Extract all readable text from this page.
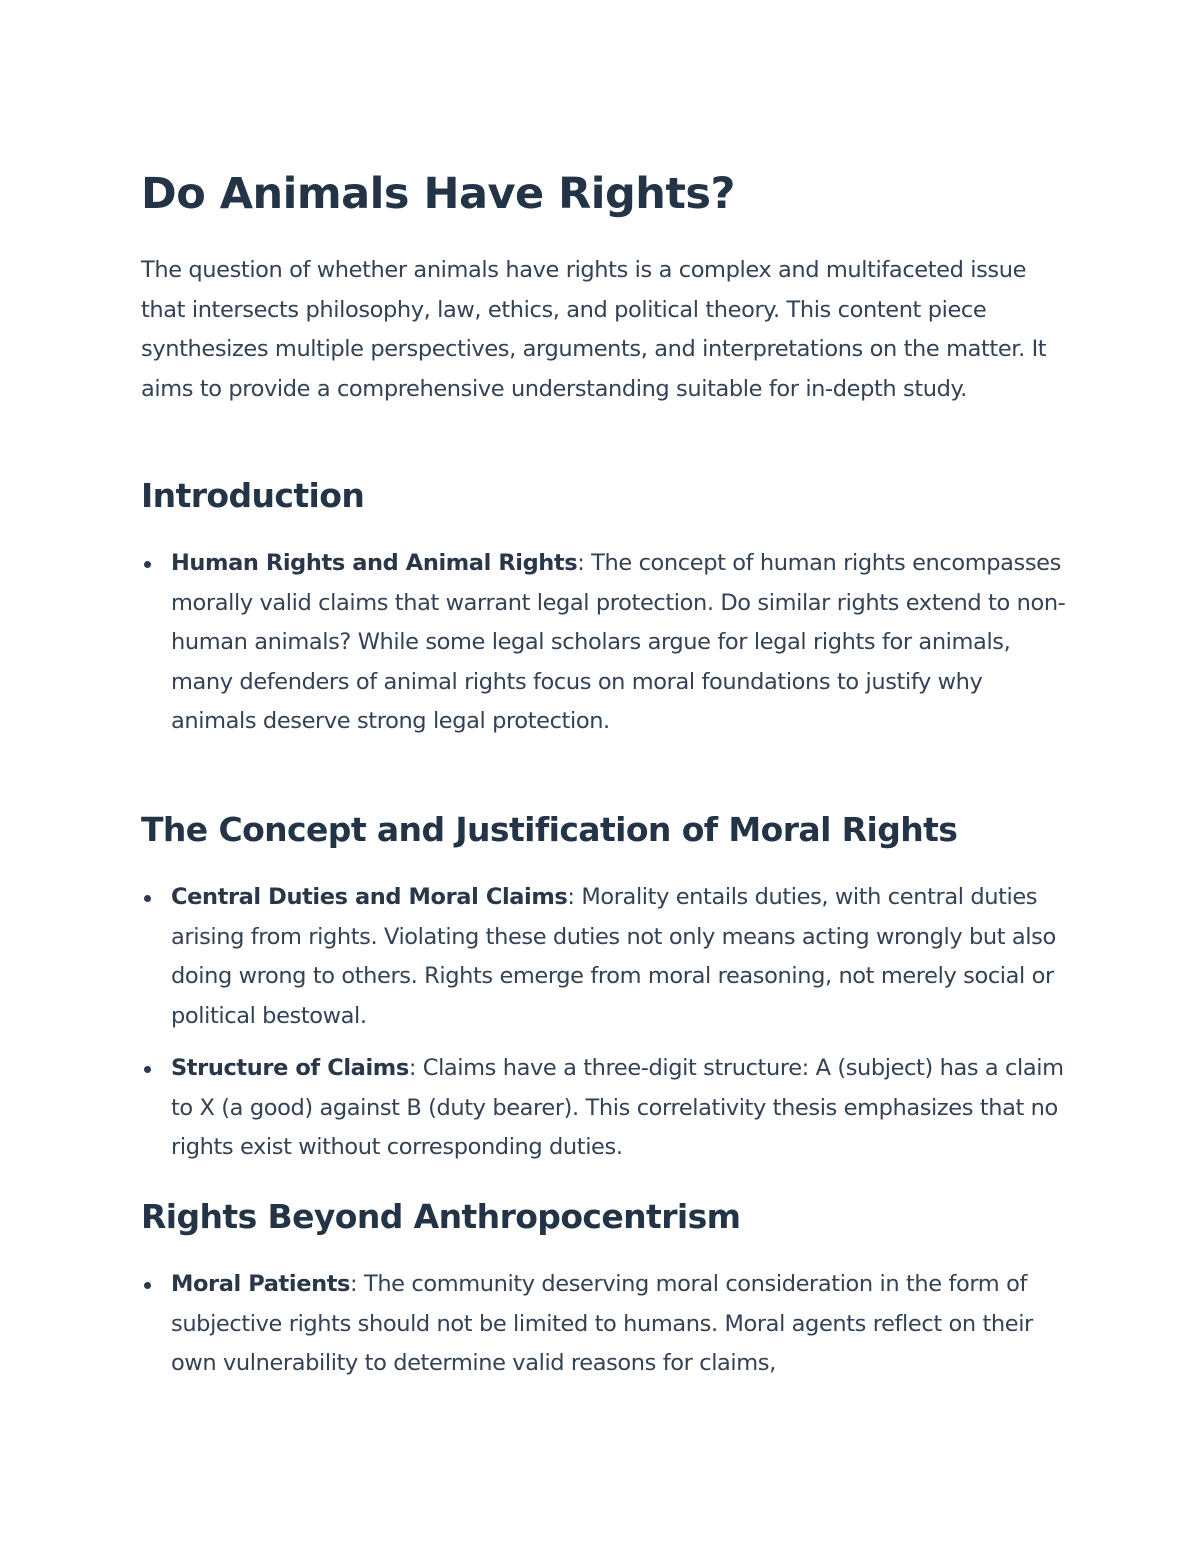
Do Animals Have Rights?

The question of whether animals have rights is a complex and multifaceted issue that intersects philosophy, law, ethics, and political theory. This content piece synthesizes multiple perspectives, arguments, and interpretations on the matter. It aims to provide a comprehensive understanding suitable for in-depth study.

Introduction
Human Rights and Animal Rights: The concept of human rights encompasses morally valid claims that warrant legal protection. Do similar rights extend to non-human animals? While some legal scholars argue for legal rights for animals, many defenders of animal rights focus on moral foundations to justify why animals deserve strong legal protection.
The Concept and Justification of Moral Rights
Central Duties and Moral Claims: Morality entails duties, with central duties arising from rights. Violating these duties not only means acting wrongly but also doing wrong to others. Rights emerge from moral reasoning, not merely social or political bestowal.
Structure of Claims: Claims have a three-digit structure: A (subject) has a claim to X (a good) against B (duty bearer). This correlativity thesis emphasizes that no rights exist without corresponding duties.
Rights Beyond Anthropocentrism
Moral Patients: The community deserving moral consideration in the form of subjective rights should not be limited to humans. Moral agents reflect on their own vulnerability to determine valid reasons for claims,
